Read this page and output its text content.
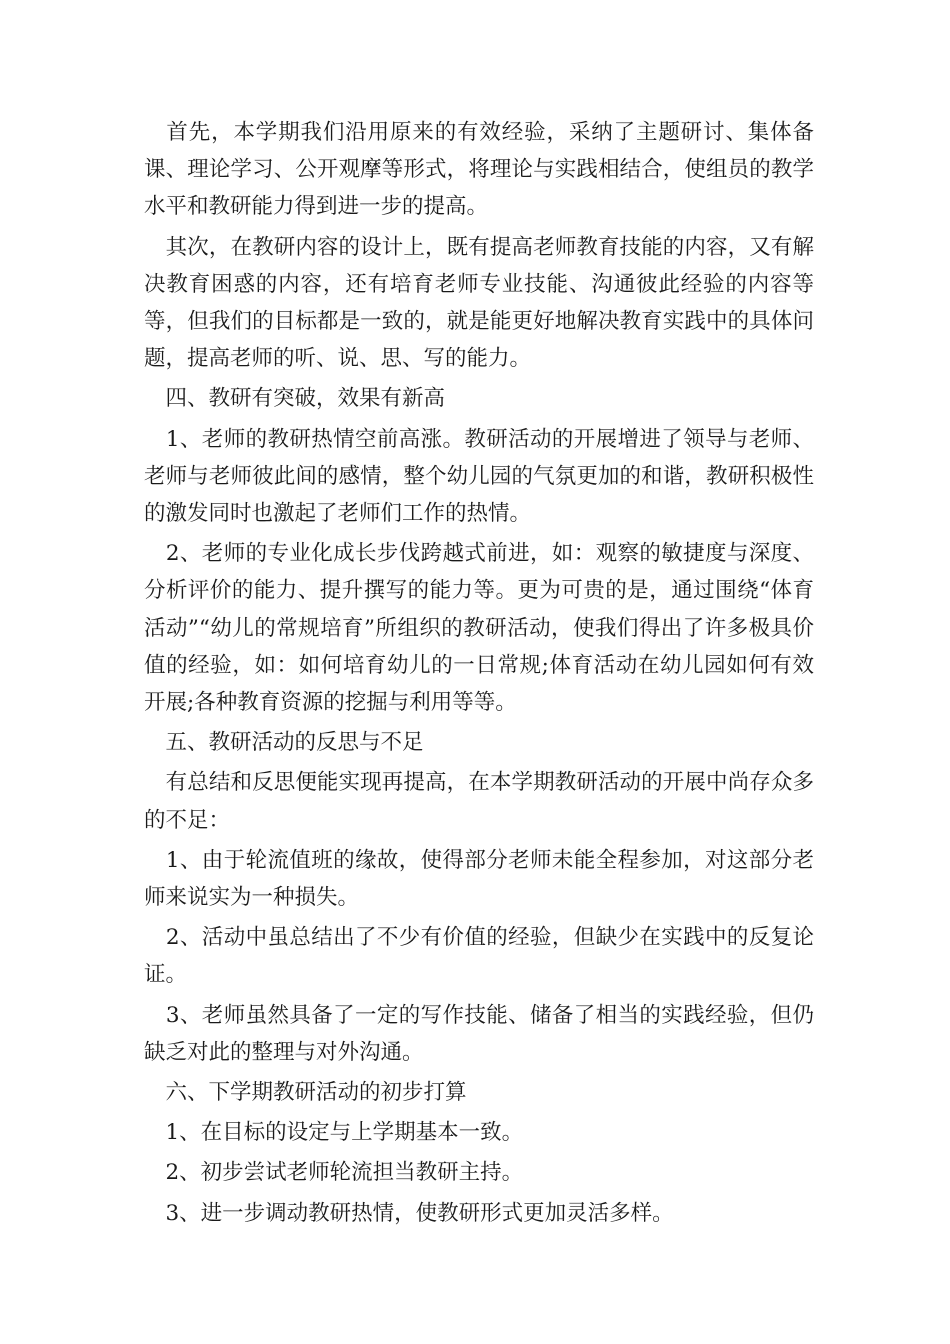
　首先，本学期我们沿用原来的有效经验，采纳了主题研讨、集体备课、理论学习、公开观摩等形式，将理论与实践相结合，使组员的教学水平和教研能力得到进一步的提高。

　其次，在教研内容的设计上，既有提高老师教育技能的内容，又有解决教育困惑的内容，还有培育老师专业技能、沟通彼此经验的内容等等，但我们的目标都是一致的，就是能更好地解决教育实践中的具体问题，提高老师的听、说、思、写的能力。

　四、教研有突破，效果有新高

　1、老师的教研热情空前高涨。教研活动的开展增进了领导与老师、老师与老师彼此间的感情，整个幼儿园的气氛更加的和谐，教研积极性的激发同时也激起了老师们工作的热情。

　2、老师的专业化成长步伐跨越式前进，如：观察的敏捷度与深度、分析评价的能力、提升撰写的能力等。更为可贵的是，通过围绕“体育活动”“幼儿的常规培育”所组织的教研活动，使我们得出了许多极具价值的经验，如：如何培育幼儿的一日常规;体育活动在幼儿园如何有效开展;各种教育资源的挖掘与利用等等。

　五、教研活动的反思与不足

　有总结和反思便能实现再提高，在本学期教研活动的开展中尚存众多的不足：

　1、由于轮流值班的缘故，使得部分老师未能全程参加，对这部分老师来说实为一种损失。

　2、活动中虽总结出了不少有价值的经验，但缺少在实践中的反复论证。

　3、老师虽然具备了一定的写作技能、储备了相当的实践经验，但仍缺乏对此的整理与对外沟通。

　六、下学期教研活动的初步打算

　1、在目标的设定与上学期基本一致。

　2、初步尝试老师轮流担当教研主持。

　3、进一步调动教研热情，使教研形式更加灵活多样。
